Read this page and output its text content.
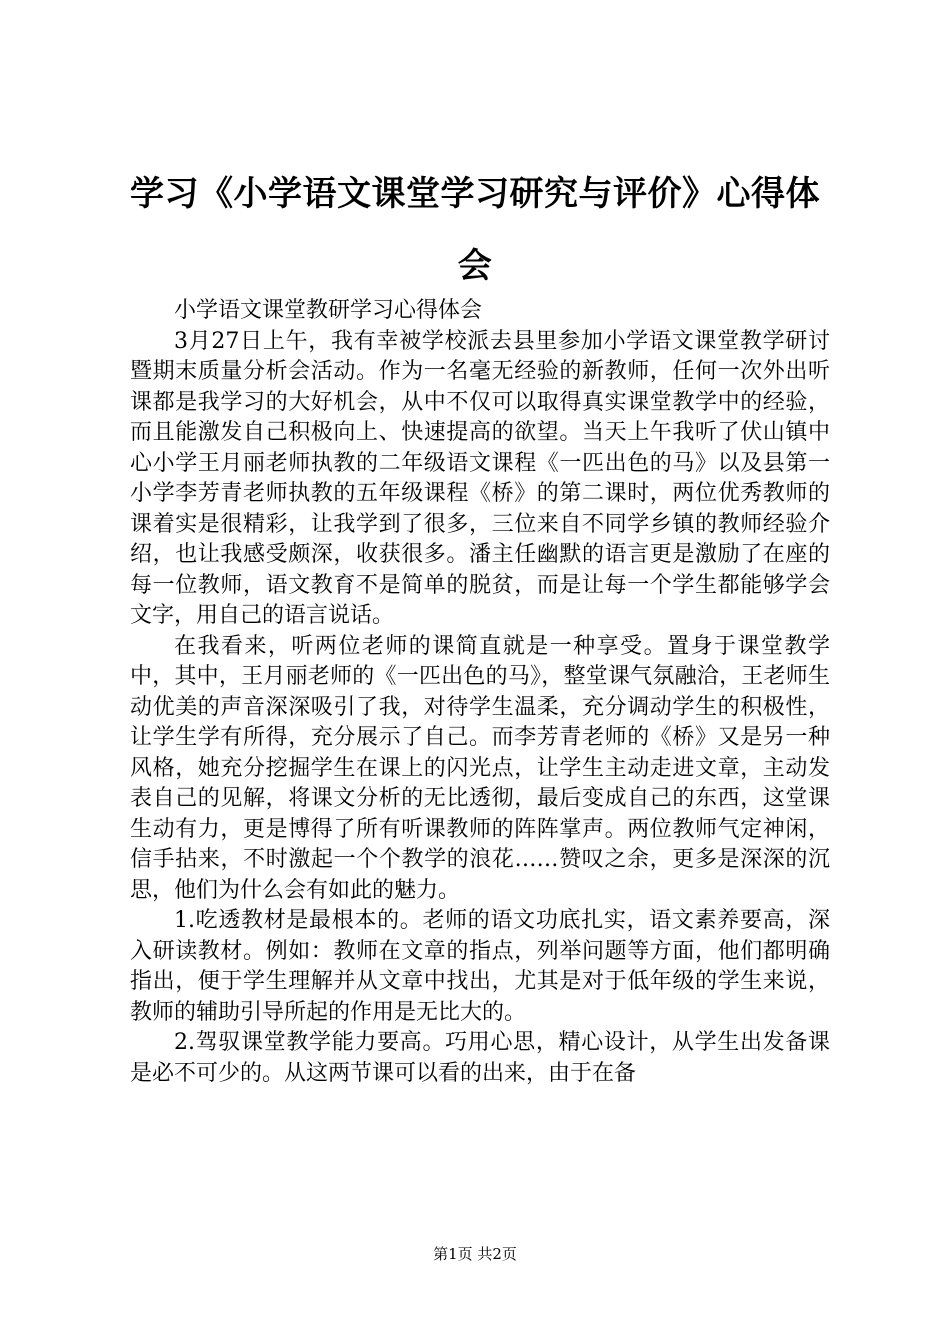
学习《小学语文课堂学习研究与评价》心得体会

小学语文课堂教研学习心得体会

3月27日上午，我有幸被学校派去县里参加小学语文课堂教学研讨暨期末质量分析会活动。作为一名毫无经验的新教师，任何一次外出听课都是我学习的大好机会，从中不仅可以取得真实课堂教学中的经验，而且能激发自己积极向上、快速提高的欲望。当天上午我听了伏山镇中心小学王月丽老师执教的二年级语文课程《一匹出色的马》以及县第一小学李芳青老师执教的五年级课程《桥》的第二课时，两位优秀教师的课着实是很精彩，让我学到了很多，三位来自不同学乡镇的教师经验介绍，也让我感受颇深，收获很多。潘主任幽默的语言更是激励了在座的每一位教师，语文教育不是简单的脱贫，而是让每一个学生都能够学会文字，用自己的语言说话。

在我看来，听两位老师的课简直就是一种享受。置身于课堂教学中，其中，王月丽老师的《一匹出色的马》，整堂课气氛融洽，王老师生动优美的声音深深吸引了我，对待学生温柔，充分调动学生的积极性，让学生学有所得，充分展示了自己。而李芳青老师的《桥》又是另一种风格，她充分挖掘学生在课上的闪光点，让学生主动走进文章，主动发表自己的见解，将课文分析的无比透彻，最后变成自己的东西，这堂课生动有力，更是博得了所有听课教师的阵阵掌声。两位教师气定神闲，信手拈来，不时激起一个个教学的浪花……赞叹之余，更多是深深的沉思，他们为什么会有如此的魅力。

1.吃透教材是最根本的。老师的语文功底扎实，语文素养要高，深入研读教材。例如：教师在文章的指点，列举问题等方面，他们都明确指出，便于学生理解并从文章中找出，尤其是对于低年级的学生来说，教师的辅助引导所起的作用是无比大的。

2.驾驭课堂教学能力要高。巧用心思，精心设计，从学生出发备课是必不可少的。从这两节课可以看的出来，由于在备

第1页 共2页
